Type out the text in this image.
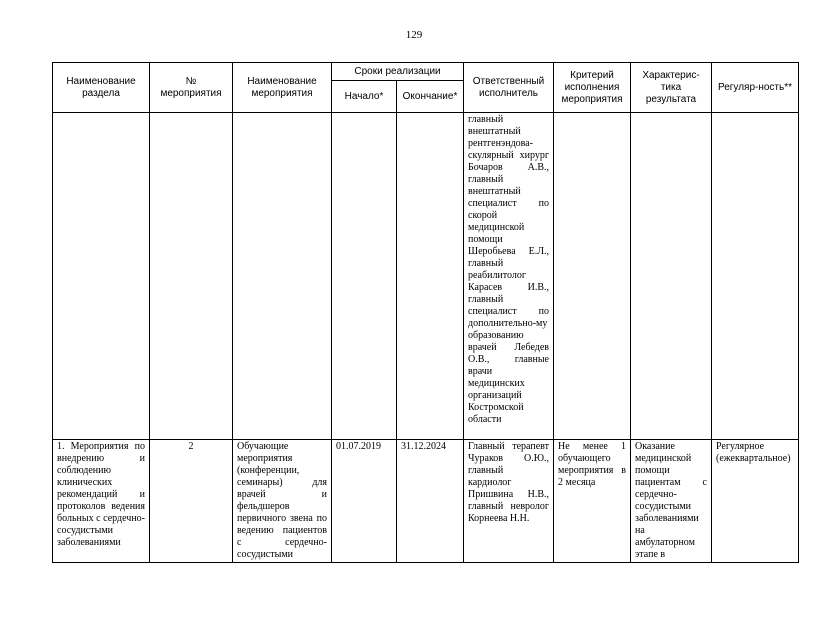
129
Наименование раздела	№ мероприятия	Наименование мероприятия	Сроки реализации		Ответственный исполнитель	Критерий исполнения мероприятия	Характерис-тика результата	Регуляр-ность**
			Начало*	Окончание*				
					главный внештатный рентгенэндова-скулярный хирург Бочаров А.В., главный внештатный специалист по скорой медицинской помощи Шеробьева Е.Л., главный реабилитолог Карасев И.В., главный специалист по дополнительно-му образованию врачей Лебедев О.В., главные врачи медицинских организаций Костромской области			
1. Мероприятия по внедрению и соблюдению клинических рекомендаций и протоколов ведения больных с сердечно-сосудистыми заболеваниями	2	Обучающие мероприятия (конференции, семинары) для врачей и фельдшеров первичного звена по ведению пациентов с сердечно-сосудистыми	01.07.2019	31.12.2024	Главный терапевт Чураков О.Ю., главный кардиолог Пришвина Н.В., главный невролог Корнеева Н.Н.	Не менее 1 обучающего мероприятия в 2 месяца	Оказание медицинской помощи пациентам с сердечно-сосудистыми заболеваниями на амбулаторном этапе в	Регулярное (ежеквартальное)
